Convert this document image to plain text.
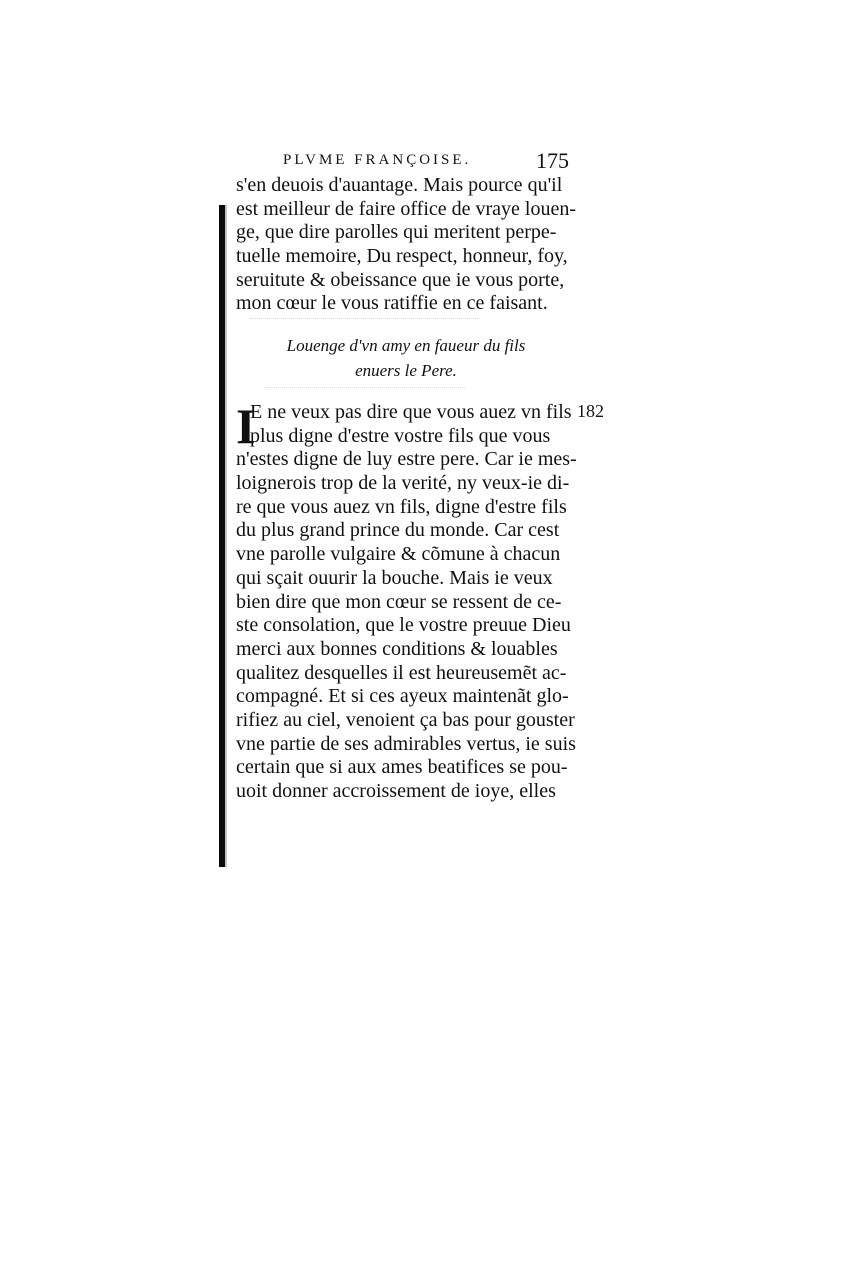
PLVME FRANÇOISE.	175
s'en deuois d'auantage. Mais pource qu'il
est meilleur de faire office de vraye louen-
ge, que dire parolles qui meritent perpe-
tuelle memoire, Du respect, honneur, foy,
seruitute & obeissance que ie vous porte,
mon cœur le vous ratiffie en ce faisant.
Louenge d'vn amy en faueur du fils
enuers le Pere.
I	182
E ne veux pas dire que vous auez vn fils
plus digne d'estre vostre fils que vous
n'estes digne de luy estre pere. Car ie mes-
loignerois trop de la verité, ny veux-ie di-
re que vous auez vn fils, digne d'estre fils
du plus grand prince du monde. Car cest
vne parolle vulgaire & cõmune à chacun
qui sçait ouurir la bouche. Mais ie veux
bien dire que mon cœur se ressent de ce-
ste consolation, que le vostre preuue Dieu
merci aux bonnes conditions & louables
qualitez desquelles il est heureusemẽt ac-
compagné. Et si ces ayeux maintenãt glo-
rifiez au ciel, venoient ça bas pour gouster
vne partie de ses admirables vertus, ie suis
certain que si aux ames beatifices se pou-
uoit donner accroissement de ioye, elles
